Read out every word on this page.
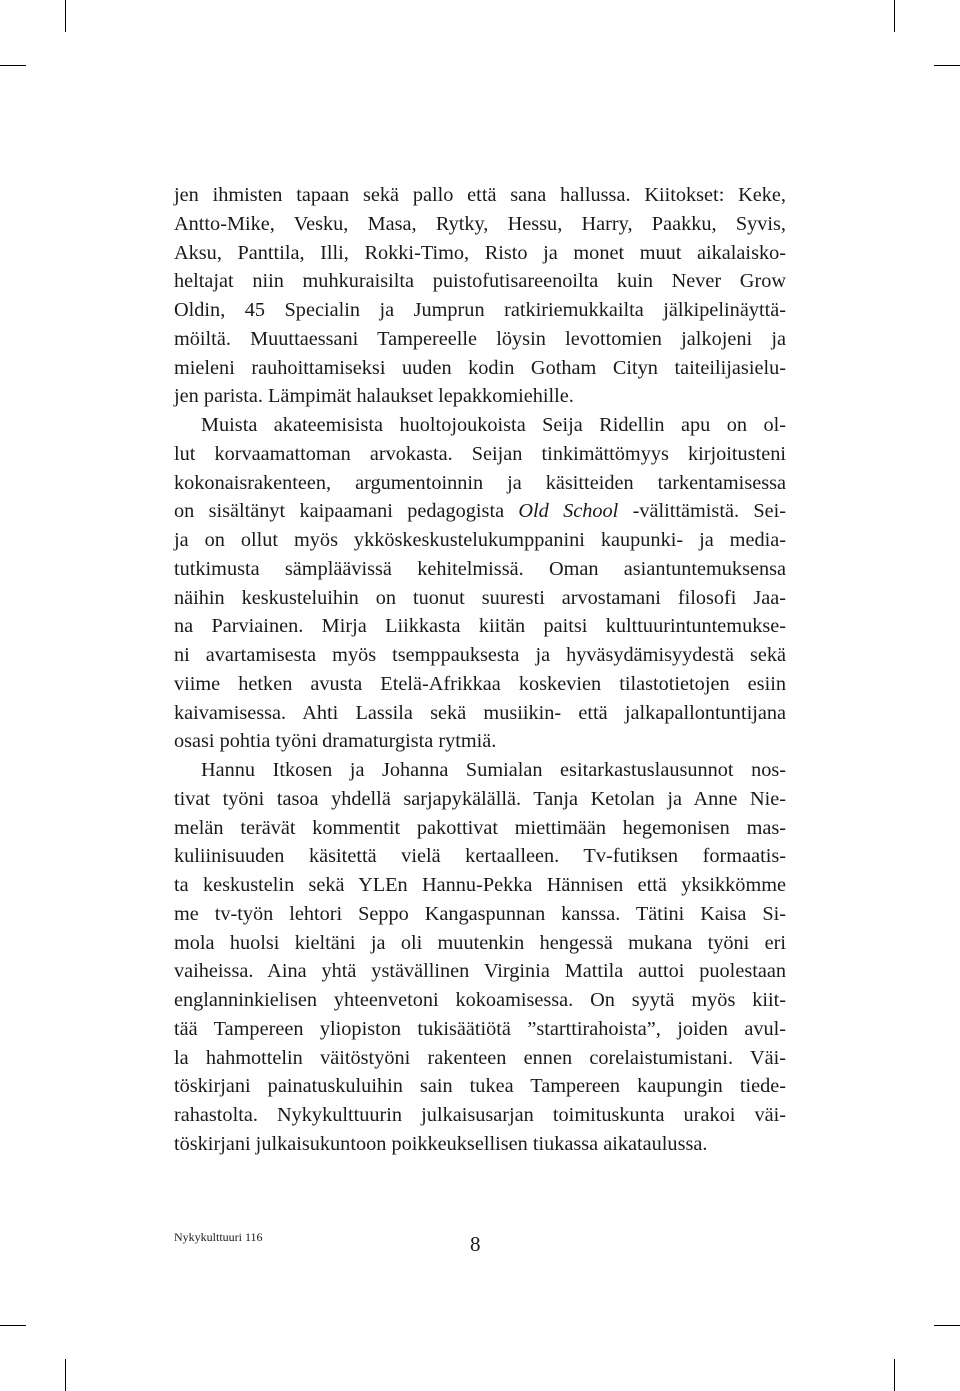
jen ihmisten tapaan sekä pallo että sana hallussa. Kiitokset: Keke,

Antto-Mike, Vesku, Masa, Rytky, Hessu, Harry, Paakku, Syvis,

Aksu, Panttila, Illi, Rokki-Timo, Risto ja monet muut aikalaisko-

heltajat niin muhkuraisilta puistofutisareenoilta kuin Never Grow

Oldin, 45 Specialin ja Jumprun ratkiriemukkailta jälkipelinäyttä-

möiltä. Muuttaessani Tampereelle löysin levottomien jalkojeni ja

mieleni rauhoittamiseksi uuden kodin Gotham Cityn taiteilijasielu-

jen parista. Lämpimät halaukset lepakkomiehille.

Muista akateemisista huoltojoukoista Seija Ridellin apu on ol-

lut korvaamattoman arvokasta. Seijan tinkimättömyys kirjoitusteni

kokonaisrakenteen, argumentoinnin ja käsitteiden tarkentamisessa

on sisältänyt kaipaamani pedagogista Old School -välittämistä. Sei-

ja on ollut myös ykköskeskustelukumppanini kaupunki- ja media-

tutkimusta sämpläävissä kehitelmissä. Oman asiantuntemuksensa

näihin keskusteluihin on tuonut suuresti arvostamani filosofi Jaa-

na Parviainen. Mirja Liikkasta kiitän paitsi kulttuurintuntemukse-

ni avartamisesta myös tsemppauksesta ja hyväsydämisyydestä sekä

viime hetken avusta Etelä-Afrikkaa koskevien tilastotietojen esiin

kaivamisessa. Ahti Lassila sekä musiikin- että jalkapallontuntijana

osasi pohtia työni dramaturgista rytmiä.

Hannu Itkosen ja Johanna Sumialan esitarkastuslausunnot nos-

tivat työni tasoa yhdellä sarjapykälällä. Tanja Ketolan ja Anne Nie-

melän terävät kommentit pakottivat miettimään hegemonisen mas-

kuliinisuuden käsitettä vielä kertaalleen. Tv-futiksen formaatis-

ta keskustelin sekä YLEn Hannu-Pekka Hännisen että yksikkömme

me tv-työn lehtori Seppo Kangaspunnan kanssa. Tätini Kaisa Si-

mola huolsi kieltäni ja oli muutenkin hengessä mukana työni eri

vaiheissa. Aina yhtä ystävällinen Virginia Mattila auttoi puolestaan

englanninkielisen yhteenvetoni kokoamisessa. On syytä myös kiit-

tää Tampereen yliopiston tukisäätiötä ”starttirahoista”, joiden avul-

la hahmottelin väitöstyöni rakenteen ennen corelaistumistani. Väi-

töskirjani painatuskuluihin sain tukea Tampereen kaupungin tiede-

rahastolta. Nykykulttuurin julkaisusarjan toimituskunta urakoi väi-

töskirjani julkaisukuntoon poikkeuksellisen tiukassa aikataulussa.

Nykykulttuuri 116	8
